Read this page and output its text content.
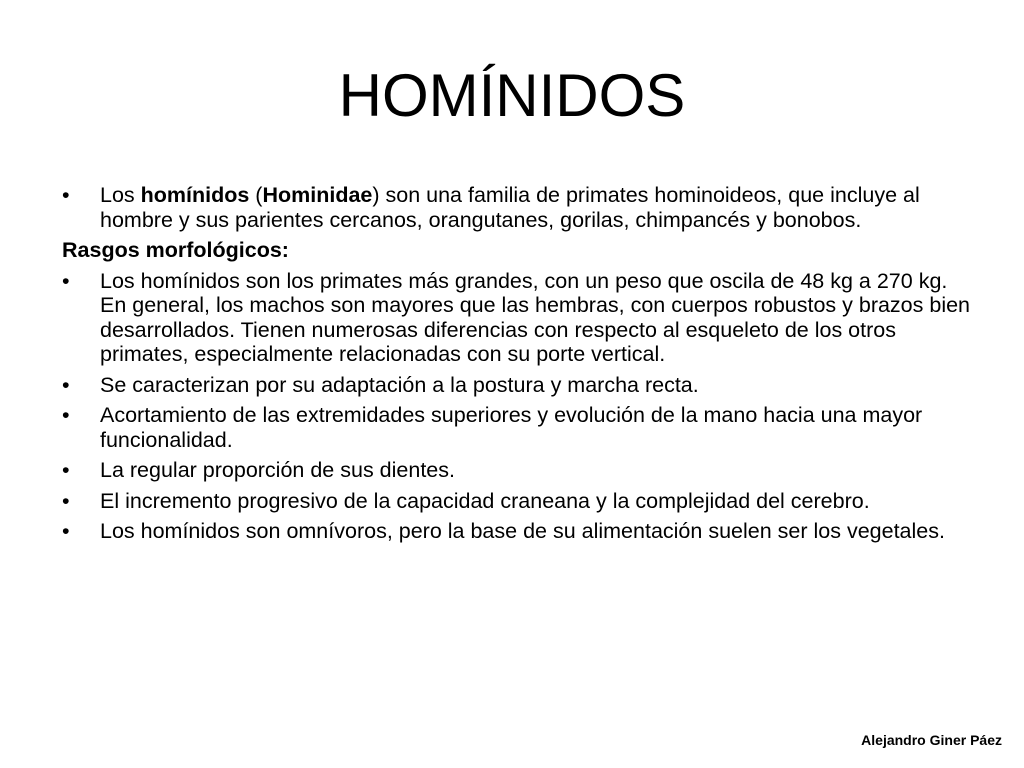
HOMÍNIDOS
•	Los homínidos (Hominidae) son una familia de primates hominoideos, que incluye al hombre y sus parientes cercanos, orangutanes, gorilas, chimpancés y bonobos.
Rasgos morfológicos:
•	Los homínidos son los primates más grandes, con un peso que oscila de 48 kg a 270 kg. En general, los machos son mayores que las hembras, con cuerpos robustos y brazos bien desarrollados. Tienen numerosas diferencias con respecto al esqueleto de los otros primates, especialmente relacionadas con su porte vertical.
•	Se caracterizan por su adaptación a la postura y marcha recta.
•	Acortamiento de las extremidades superiores y evolución de la mano hacia una mayor funcionalidad.
•	La regular proporción de sus dientes.
•	El incremento progresivo de la capacidad craneana y la complejidad del cerebro.
•	Los homínidos son omnívoros, pero la base de su alimentación suelen ser los vegetales.
Alejandro Giner Páez
